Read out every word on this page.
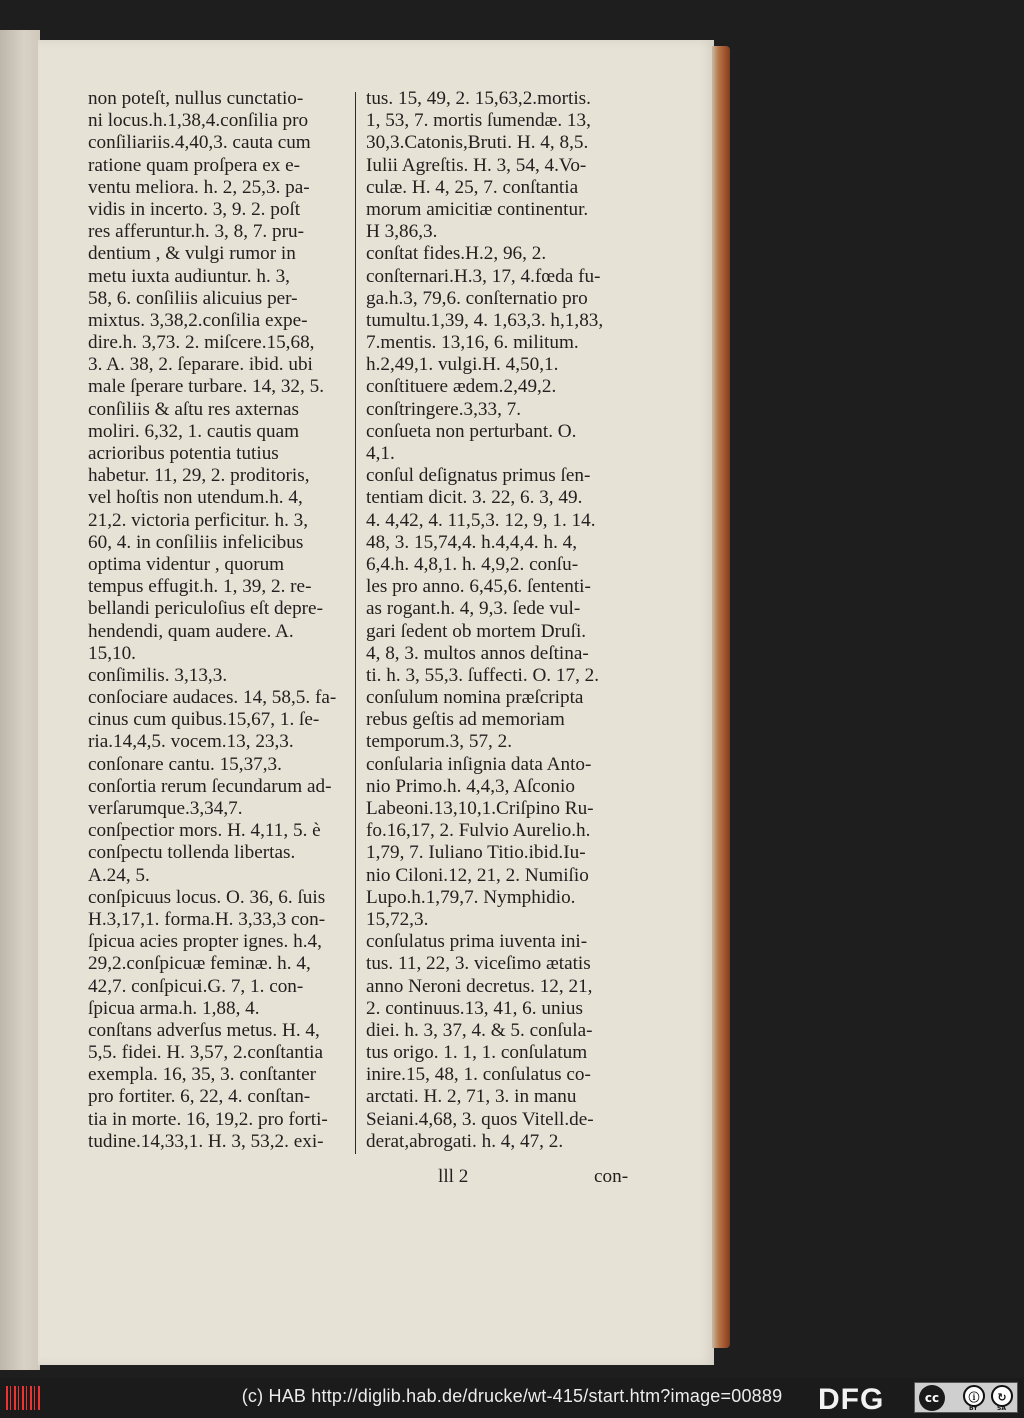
non poteſt, nullus cunctatio-
ni locus.h.1,38,4.conſilia pro
conſiliariis.4,40,3. cauta cum
ratione quam proſpera ex e-
ventu meliora. h. 2, 25,3. pa-
vidis in incerto. 3, 9. 2. poſt
res afferuntur.h. 3, 8, 7. pru-
dentium , & vulgi rumor in
metu iuxta audiuntur. h. 3,
58, 6. conſiliis alicuius per-
mixtus. 3,38,2.conſilia expe-
dire.h. 3,73. 2. miſcere.15,68,
3. A. 38, 2. ſeparare. ibid. ubi
male ſperare turbare. 14, 32, 5.
conſiliis & aſtu res axternas
moliri. 6,32, 1. cautis quam
acrioribus potentia tutius
habetur. 11, 29, 2. proditoris,
vel hoſtis non utendum.h. 4,
21,2. victoria perficitur. h. 3,
60, 4. in conſiliis infelicibus
optima videntur , quorum
tempus effugit.h. 1, 39, 2. re-
bellandi periculoſius eſt depre-
hendendi, quam audere. A.
15,10.
conſimilis. 3,13,3.
conſociare audaces. 14, 58,5. fa-
cinus cum quibus.15,67, 1. ſe-
ria.14,4,5. vocem.13, 23,3.
conſonare cantu. 15,37,3.
conſortia rerum ſecundarum ad-
verſarumque.3,34,7.
conſpectior mors. H. 4,11, 5. è
conſpectu tollenda libertas.
A.24, 5.
conſpicuus locus. O. 36, 6. ſuis
H.3,17,1. forma.H. 3,33,3 con-
ſpicua acies propter ignes. h.4,
29,2.conſpicuæ feminæ. h. 4,
42,7. conſpicui.G. 7, 1. con-
ſpicua arma.h. 1,88, 4.
conſtans adverſus metus. H. 4,
5,5. fidei. H. 3,57, 2.conſtantia
exempla. 16, 35, 3. conſtanter
pro fortiter. 6, 22, 4. conſtan-
tia in morte. 16, 19,2. pro forti-
tudine.14,33,1. H. 3, 53,2. exi-
tus. 15, 49, 2. 15,63,2.mortis.
1, 53, 7. mortis ſumendæ. 13,
30,3.Catonis,Bruti. H. 4, 8,5.
Iulii Agreſtis. H. 3, 54, 4.Vo-
culæ. H. 4, 25, 7. conſtantia
morum amicitiæ continentur.
H 3,86,3.
conſtat fides.H.2, 96, 2.
conſternari.H.3, 17, 4.fœda fu-
ga.h.3, 79,6. conſternatio pro
tumultu.1,39, 4. 1,63,3. h,1,83,
7.mentis. 13,16, 6. militum.
h.2,49,1. vulgi.H. 4,50,1.
conſtituere ædem.2,49,2.
conſtringere.3,33, 7.
conſueta non perturbant. O.
4,1.
conſul deſignatus primus ſen-
tentiam dicit. 3. 22, 6. 3, 49.
4. 4,42, 4. 11,5,3. 12, 9, 1. 14.
48, 3. 15,74,4. h.4,4,4. h. 4,
6,4.h. 4,8,1. h. 4,9,2. conſu-
les pro anno. 6,45,6. ſententi-
as rogant.h. 4, 9,3. ſede vul-
gari ſedent ob mortem Druſi.
4, 8, 3. multos annos deſtina-
ti. h. 3, 55,3. ſuffecti. O. 17, 2.
conſulum nomina præſcripta
rebus geſtis ad memoriam
temporum.3, 57, 2.
conſularia inſignia data Anto-
nio Primo.h. 4,4,3, Aſconio
Labeoni.13,10,1.Criſpino Ru-
fo.16,17, 2. Fulvio Aurelio.h.
1,79, 7. Iuliano Titio.ibid.Iu-
nio Ciloni.12, 21, 2. Numiſio
Lupo.h.1,79,7. Nymphidio.
15,72,3.
conſulatus prima iuventa ini-
tus. 11, 22, 3. viceſimo ætatis
anno Neroni decretus. 12, 21,
2. continuus.13, 41, 6. unius
diei. h. 3, 37, 4. & 5. conſula-
tus origo. 1. 1, 1. conſulatum
inire.15, 48, 1. conſulatus co-
arctati. H. 2, 71, 3. in manu
Seiani.4,68, 3. quos Vitell.de-
derat,abrogati. h. 4, 47, 2.
lll 2	con-
(c) HAB http://diglib.hab.de/drucke/wt-415/start.htm?image=00889	DFG	cc	ⓘ	↻
BY	SA
